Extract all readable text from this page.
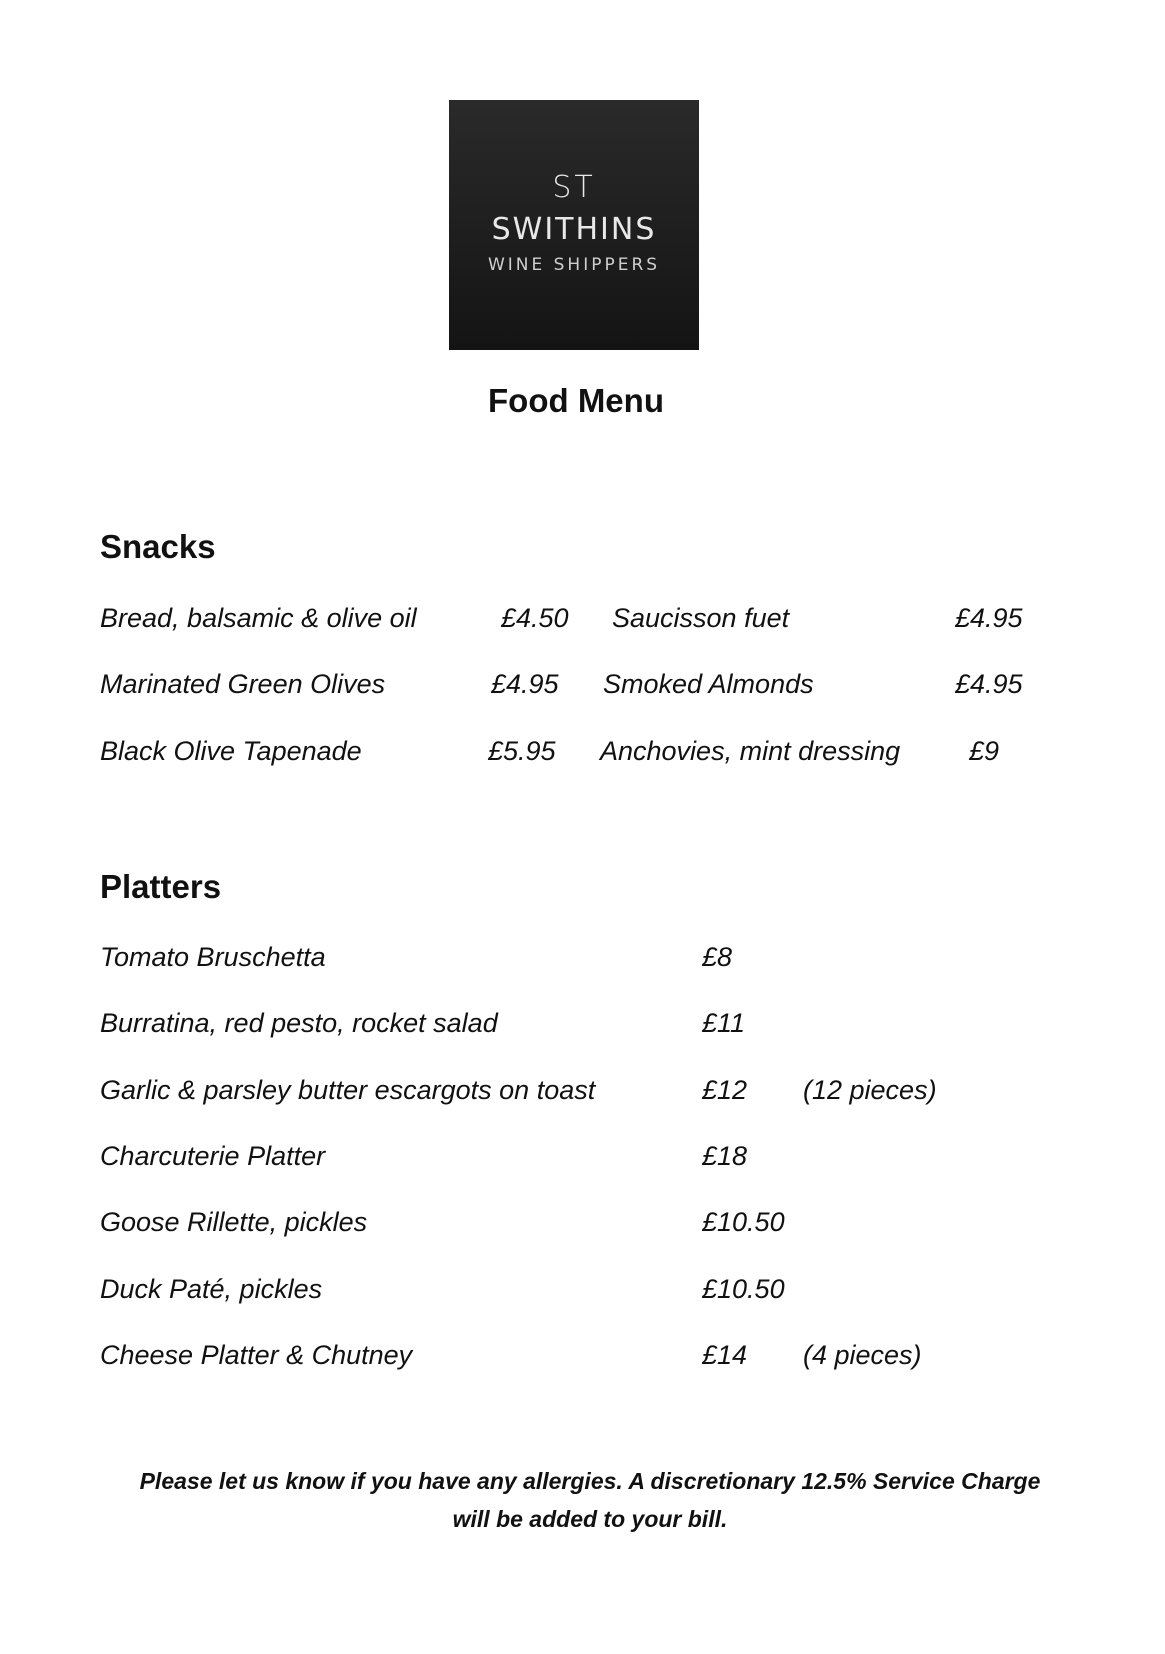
ST
SWITHINS
WINE SHIPPERS
Food Menu
Snacks
Bread, balsamic & olive oil	£4.50 Saucisson fuet	£4.95
Marinated Green Olives	£4.95 Smoked Almonds	£4.95
Black Olive Tapenade	£5.95 Anchovies, mint dressing	£9
Platters
Tomato Bruschetta	£8
Burratina, red pesto, rocket salad	£11
Garlic & parsley butter escargots on toast	£12 (12 pieces)
Charcuterie Platter	£18
Goose Rillette, pickles	£10.50
Duck Paté, pickles	£10.50
Cheese Platter & Chutney	£14 (4 pieces)
Please let us know if you have any allergies. A discretionary 12.5% Service Charge
will be added to your bill.
